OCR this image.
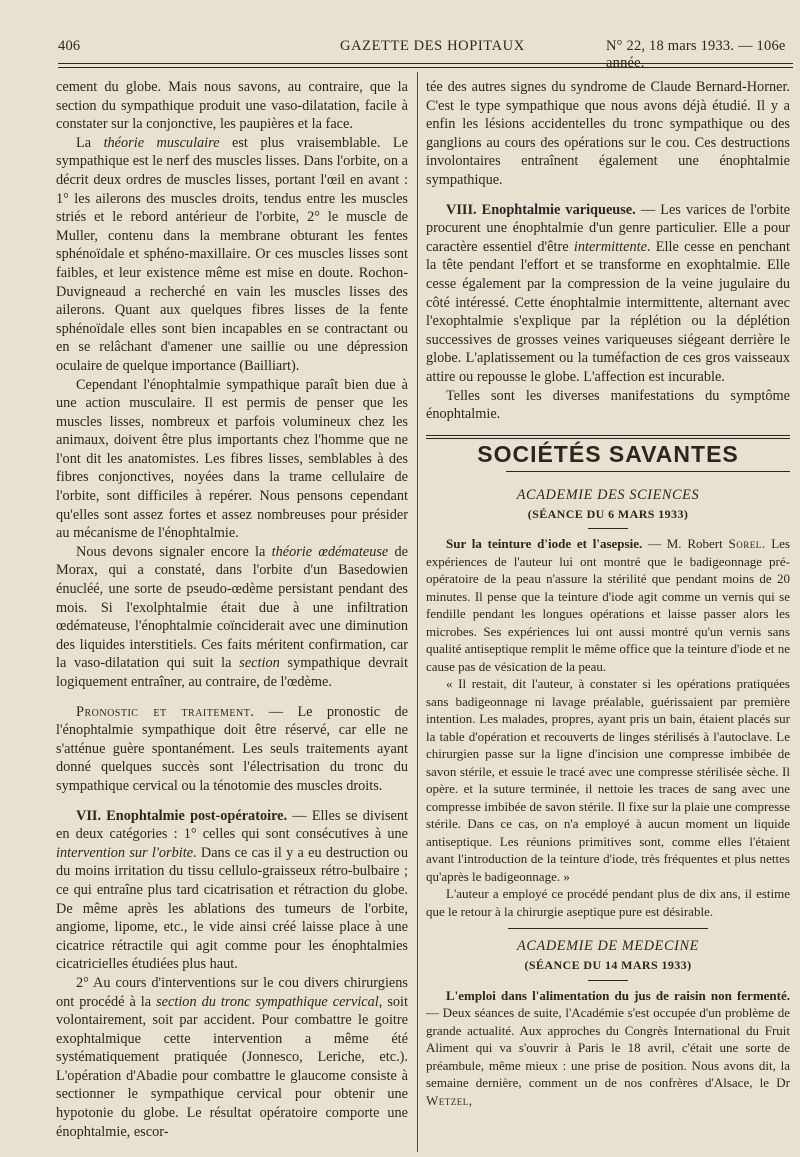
406	GAZETTE DES HOPITAUX	N° 22, 18 mars 1933. — 106e année.

cement du globe. Mais nous savons, au contraire, que la section du sympathique produit une vaso-dilatation, facile à constater sur la conjonctive, les paupières et la face.

La théorie musculaire est plus vraisemblable. Le sympathique est le nerf des muscles lisses. Dans l'orbite, on a décrit deux ordres de muscles lisses, portant l'œil en avant : 1° les ailerons des muscles droits, tendus entre les muscles striés et le rebord antérieur de l'orbite, 2° le muscle de Muller, contenu dans la membrane obturant les fentes sphénoïdale et sphéno-maxillaire. Or ces muscles lisses sont faibles, et leur existence même est mise en doute. Rochon-Duvigneaud a recherché en vain les muscles lisses des ailerons. Quant aux quelques fibres lisses de la fente sphénoïdale elles sont bien incapables en se contractant ou en se relâchant d'amener une saillie ou une dépression oculaire de quelque importance (Bailliart).

Cependant l'énophtalmie sympathique paraît bien due à une action musculaire. Il est permis de penser que les muscles lisses, nombreux et parfois volumineux chez les animaux, doivent être plus importants chez l'homme que ne l'ont dit les anatomistes. Les fibres lisses, semblables à des fibres conjonctives, noyées dans la trame cellulaire de l'orbite, sont difficiles à repérer. Nous pensons cependant qu'elles sont assez fortes et assez nombreuses pour présider au mécanisme de l'énophtalmie.

Nous devons signaler encore la théorie œdémateuse de Morax, qui a constaté, dans l'orbite d'un Basedowien énucléé, une sorte de pseudo-œdème persistant pendant des mois. Si l'exolphtalmie était due à une infiltration œdémateuse, l'énophtalmie coïnciderait avec une diminution des liquides interstitiels. Ces faits méritent confirmation, car la vaso-dilatation qui suit la section sympathique devrait logiquement entraîner, au contraire, de l'œdème.

Pronostic et traitement. — Le pronostic de l'énophtalmie sympathique doit être réservé, car elle ne s'atténue guère spontanément. Les seuls traitements ayant donné quelques succès sont l'électrisation du tronc du sympathique cervical ou la ténotomie des muscles droits.

VII. Enophtalmie post-opératoire. — Elles se divisent en deux catégories : 1° celles qui sont consécutives à une intervention sur l'orbite. Dans ce cas il y a eu destruction ou du moins irritation du tissu cellulo-graisseux rétro-bulbaire ; ce qui entraîne plus tard cicatrisation et rétraction du globe. De même après les ablations des tumeurs de l'orbite, angiome, lipome, etc., le vide ainsi créé laisse place à une cicatrice rétractile qui agit comme pour les énophtalmies cicatricielles étudiées plus haut.

2° Au cours d'interventions sur le cou divers chirurgiens ont procédé à la section du tronc sympathique cervical, soit volontairement, soit par accident. Pour combattre le goitre exophtalmique cette intervention a même été systématiquement pratiquée (Jonnesco, Leriche, etc.). L'opération d'Abadie pour combattre le glaucome consiste à sectionner le sympathique cervical pour obtenir une hypotonie du globe. Le résultat opératoire comporte une énophtalmie, escor-

tée des autres signes du syndrome de Claude Bernard-Horner. C'est le type sympathique que nous avons déjà étudié. Il y a enfin les lésions accidentelles du tronc sympathique ou des ganglions au cours des opérations sur le cou. Ces destructions involontaires entraînent également une énophtalmie sympathique.

VIII. Enophtalmie variqueuse. — Les varices de l'orbite procurent une énophtalmie d'un genre particulier. Elle a pour caractère essentiel d'être intermittente. Elle cesse en penchant la tête pendant l'effort et se transforme en exophtalmie. Elle cesse également par la compression de la veine jugulaire du côté intéressé. Cette énophtalmie intermittente, alternant avec l'exophtalmie s'explique par la réplétion ou la déplétion successives de grosses veines variqueuses siégeant derrière le globe. L'aplatissement ou la tuméfaction de ces gros vaisseaux attire ou repousse le globe. L'affection est incurable.

Telles sont les diverses manifestations du symptôme énophtalmie.

SOCIÉTÉS SAVANTES

ACADEMIE DES SCIENCES

(SÉANCE DU 6 MARS 1933)

Sur la teinture d'iode et l'asepsie. — M. Robert Sorel. Les expériences de l'auteur lui ont montré que le badigeonnage pré-opératoire de la peau n'assure la stérilité que pendant moins de 20 minutes. Il pense que la teinture d'iode agit comme un vernis qui se fendille pendant les longues opérations et laisse passer alors les microbes. Ses expériences lui ont aussi montré qu'un vernis sans qualité antiseptique remplit le même office que la teinture d'iode et ne cause pas de vésication de la peau.

« Il restait, dit l'auteur, à constater si les opérations pratiquées sans badigeonnage ni lavage préalable, guérissaient par première intention. Les malades, propres, ayant pris un bain, étaient placés sur la table d'opération et recouverts de linges stérilisés à l'autoclave. Le chirurgien passe sur la ligne d'incision une compresse imbibée de savon stérile, et essuie le tracé avec une compresse stérilisée sèche. Il opère. et la suture terminée, il nettoie les traces de sang avec une compresse imbibée de savon stérile. Il fixe sur la plaie une compresse stérile. Dans ce cas, on n'a employé à aucun moment un liquide antiseptique. Les réunions primitives sont, comme elles l'étaient avant l'introduction de la teinture d'iode, très fréquentes et plus nettes qu'après le badigeonnage. »

L'auteur a employé ce procédé pendant plus de dix ans, il estime que le retour à la chirurgie aseptique pure est désirable.

ACADEMIE DE MEDECINE

(SÉANCE DU 14 MARS 1933)

L'emploi dans l'alimentation du jus de raisin non fermenté. — Deux séances de suite, l'Académie s'est occupée d'un problème de grande actualité. Aux approches du Congrès International du Fruit Aliment qui va s'ouvrir à Paris le 18 avril, c'était une sorte de préambule, même mieux : une prise de position. Nous avons dit, la semaine dernière, comment un de nos confrères d'Alsace, le Dr Wetzel,
